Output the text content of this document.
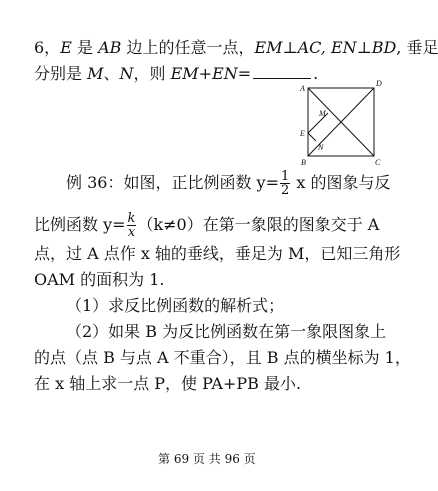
6，E 是 AB 边上的任意一点，EM⊥AC, EN⊥BD, 垂足
分别是 M、N，则 EM+EN=	.
A
B	C
D
E
M
N
例 36：如图，正比例函数 $y= \frac{1}{2}$ x 的图象与反
比例函数 $y= \frac{k}{x} (k\ne 0)$在第一象限的图象交于 A
点，过 A 点作 x 轴的垂线，垂足为 M，已知三角形
OAM 的面积为 1.
（1）求反比例函数的解析式；
（2）如果 B 为反比例函数在第一象限图象上
的点（点 B 与点 A 不重合），且 B 点的横坐标为 1，
在 x 轴上求一点 P，使 PA+PB 最小.
第 69 页 共 96 页
